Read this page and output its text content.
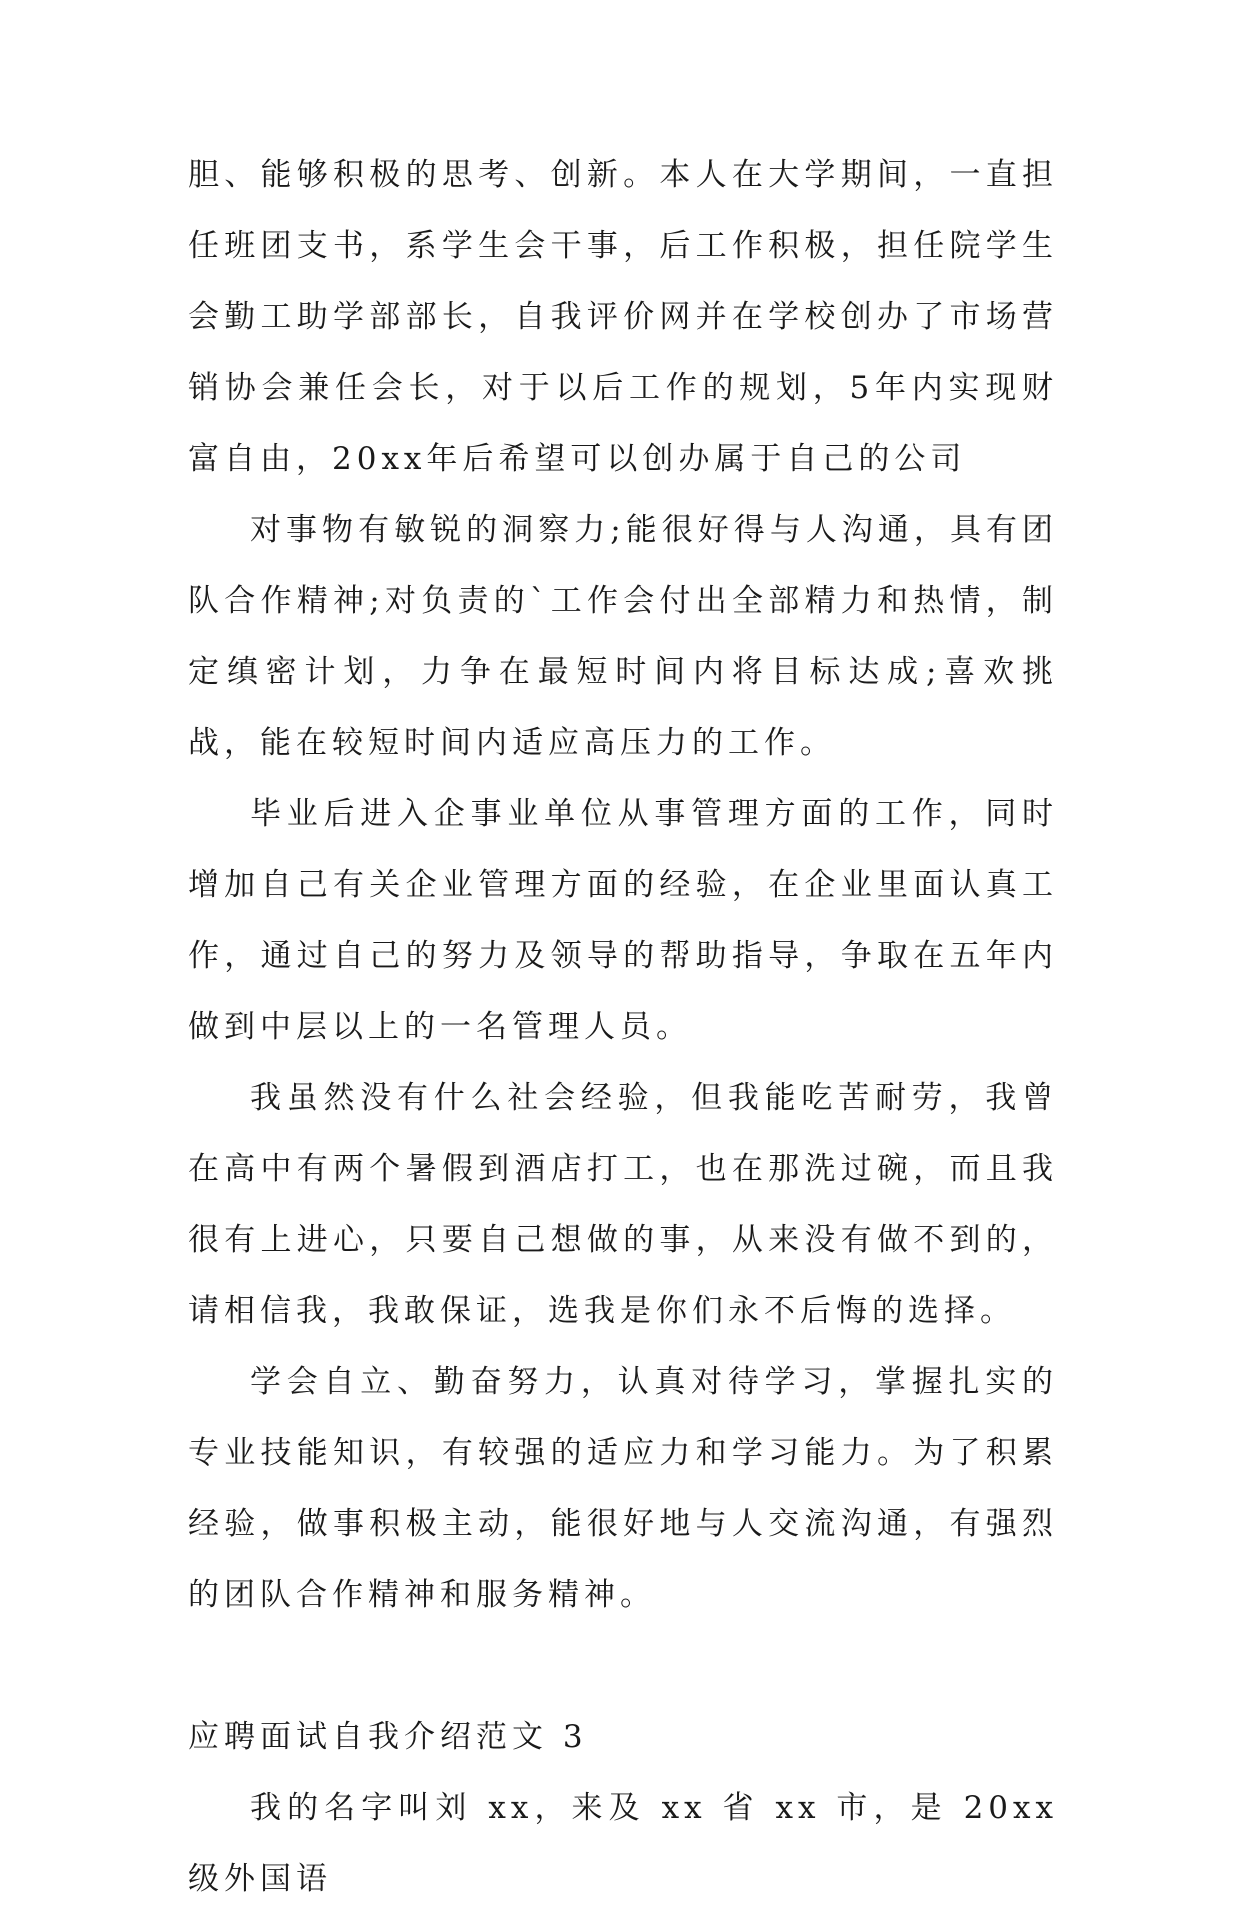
胆、能够积极的思考、创新。本人在大学期间，一直担任班团支书，系学生会干事，后工作积极，担任院学生会勤工助学部部长，自我评价网并在学校创办了市场营销协会兼任会长，对于以后工作的规划，5年内实现财富自由，20xx年后希望可以创办属于自己的公司

对事物有敏锐的洞察力;能很好得与人沟通，具有团队合作精神;对负责的`工作会付出全部精力和热情，制定缜密计划，力争在最短时间内将目标达成;喜欢挑战，能在较短时间内适应高压力的工作。

毕业后进入企事业单位从事管理方面的工作，同时增加自己有关企业管理方面的经验，在企业里面认真工作，通过自己的努力及领导的帮助指导，争取在五年内做到中层以上的一名管理人员。

我虽然没有什么社会经验，但我能吃苦耐劳，我曾在高中有两个暑假到酒店打工，也在那洗过碗，而且我很有上进心，只要自己想做的事，从来没有做不到的，请相信我，我敢保证，选我是你们永不后悔的选择。

学会自立、勤奋努力，认真对待学习，掌握扎实的专业技能知识，有较强的适应力和学习能力。为了积累经验，做事积极主动，能很好地与人交流沟通，有强烈的团队合作精神和服务精神。

应聘面试自我介绍范文 3

我的名字叫刘 xx，来及 xx 省 xx 市，是 20xx 级外国语
